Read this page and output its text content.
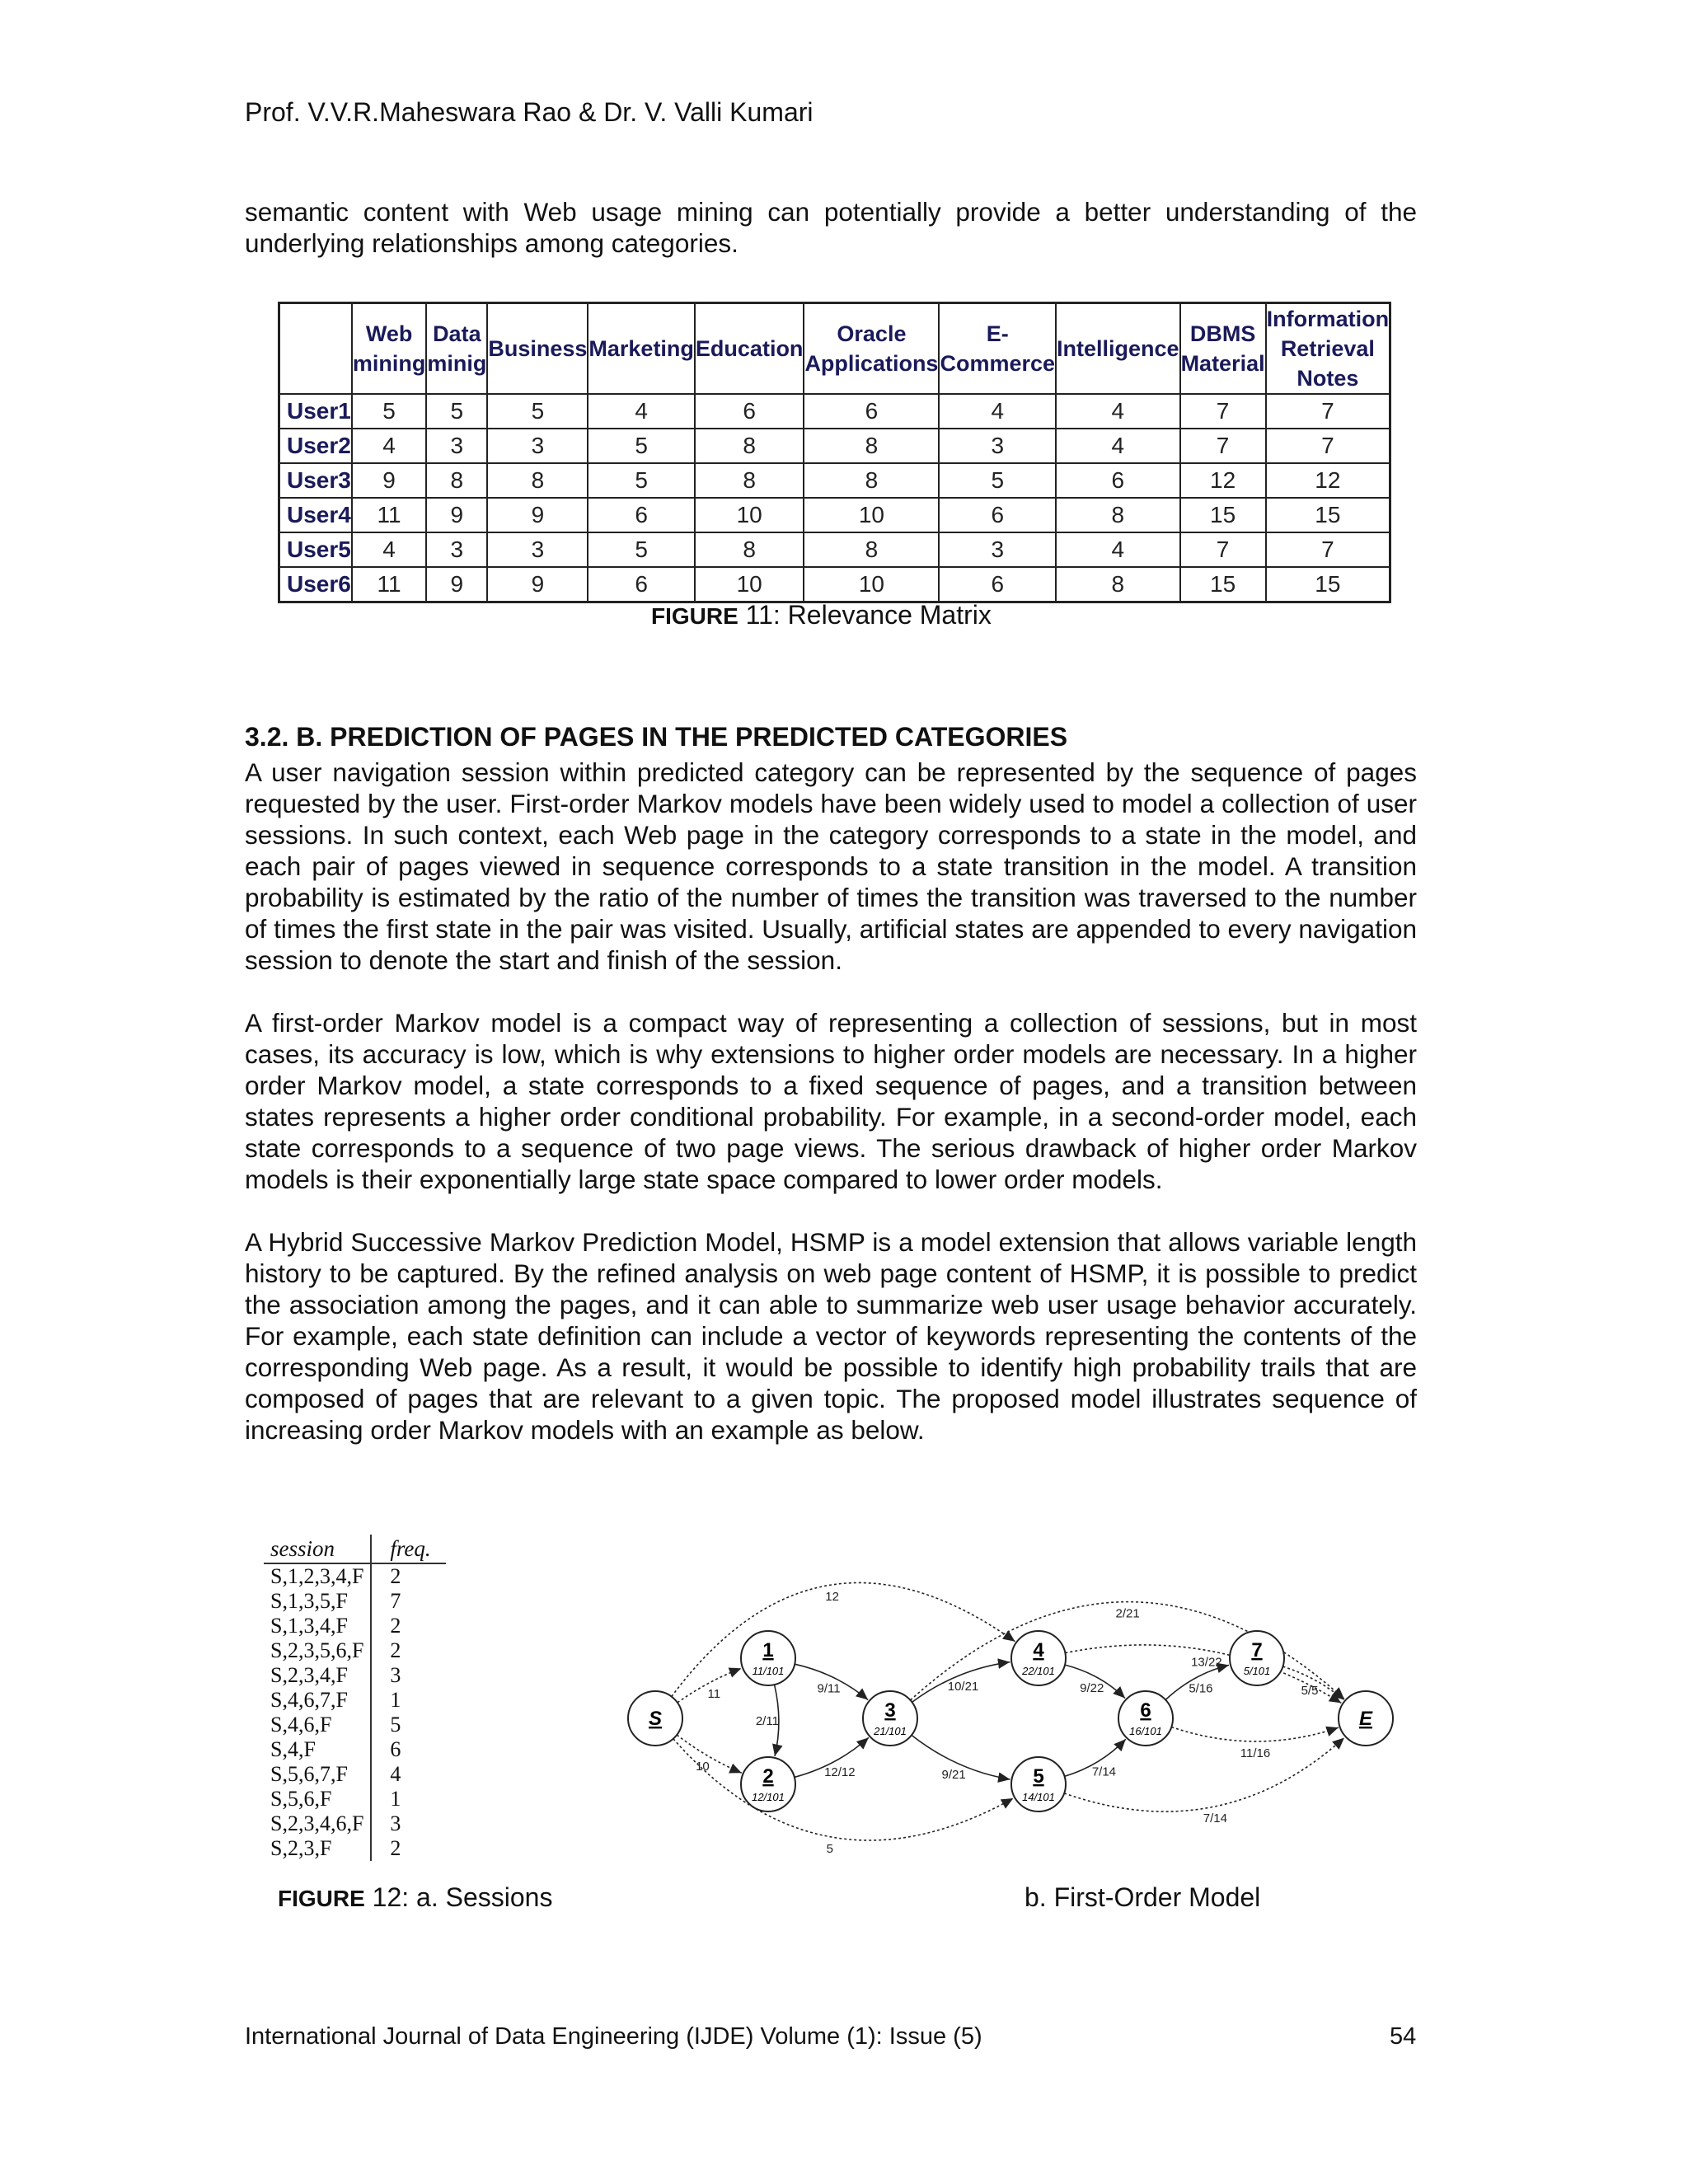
Prof. V.V.R.Maheswara Rao & Dr. V. Valli Kumari

semantic content with Web usage mining can potentially provide a better understanding of the underlying relationships among categories.

	Web mining	Data minig	Business	Marketing	Education	Oracle Applications	E-Commerce	Intelligence	DBMS Material	Information Retrieval Notes
User1	5	5	5	4	6	6	4	4	7	7
User2	4	3	3	5	8	8	3	4	7	7
User3	9	8	8	5	8	8	5	6	12	12
User4	11	9	9	6	10	10	6	8	15	15
User5	4	3	3	5	8	8	3	4	7	7
User6	11	9	9	6	10	10	6	8	15	15
FIGURE 11: Relevance Matrix
3.2. B. PREDICTION OF PAGES IN THE PREDICTED CATEGORIES

A user navigation session within predicted category can be represented by the sequence of pages requested by the user. First-order Markov models have been widely used to model a collection of user sessions. In such context, each Web page in the category corresponds to a state in the model, and each pair of pages viewed in sequence corresponds to a state transition in the model. A transition probability is estimated by the ratio of the number of times the transition was traversed to the number of times the first state in the pair was visited. Usually, artificial states are appended to every navigation session to denote the start and finish of the session.

A first-order Markov model is a compact way of representing a collection of sessions, but in most cases, its accuracy is low, which is why extensions to higher order models are necessary. In a higher order Markov model, a state corresponds to a fixed sequence of pages, and a transition between states represents a higher order conditional probability. For example, in a second-order model, each state corresponds to a sequence of two page views. The serious drawback of higher order Markov models is their exponentially large state space compared to lower order models.

A Hybrid Successive Markov Prediction Model, HSMP is a model extension that allows variable length history to be captured. By the refined analysis on web page content of HSMP, it is possible to predict the association among the pages, and it can able to summarize web user usage behavior accurately. For example, each state definition can include a vector of keywords representing the contents of the corresponding Web page. As a result, it would be possible to identify high probability trails that are composed of pages that are relevant to a given topic. The proposed model illustrates sequence of increasing order Markov models with an example as below.

session	freq.
S,1,2,3,4,F	2
S,1,3,5,F	7
S,1,3,4,F	2
S,2,3,5,6,F	2
S,2,3,4,F	3
S,4,6,7,F	1
S,4,6,F	5
S,4,F	6
S,5,6,7,F	4
S,5,6,F	1
S,2,3,4,6,F	3
S,2,3,F	2
11
10
12
5
2/11
9/11
12/12
10/21
9/21
9/22
7/14
5/16	5/5
11/16
13/22
2/21
7/14
S
1
11/101
2
12/101
3
21/101
4
22/101
5
14/101
6
16/101
7
5/101
E
FIGURE 12: a. Sessions	b. First-Order Model
International Journal of Data Engineering (IJDE) Volume (1): Issue (5)	54
